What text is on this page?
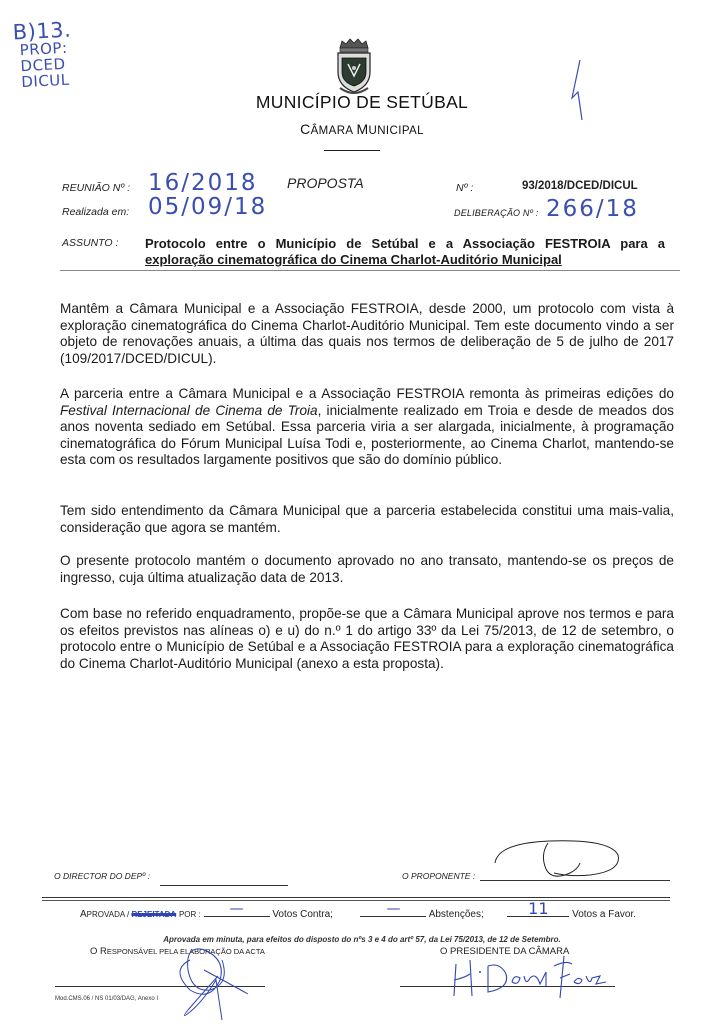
B)13.
PROP:
DCED
DICUL
MUNICÍPIO DE SETÚBAL
CÂMARA MUNICIPAL
REUNIÃO Nº : 16/2018 PROPOSTA	Nº :	93/2018/DCED/DICUL
Realizada em: 05/09/18	DELIBERAÇÃO Nº : 266/18
ASSUNTO : Protocolo entre o Município de Setúbal e a Associação FESTROIA para a
exploração cinematográfica do Cinema Charlot-Auditório Municipal

Mantêm a Câmara Municipal e a Associação FESTROIA, desde 2000, um protocolo com vista à exploração cinematográfica do Cinema Charlot-Auditório Municipal. Tem este documento vindo a ser objeto de renovações anuais, a última das quais nos termos de deliberação de 5 de julho de 2017 (109/2017/DCED/DICUL).

A parceria entre a Câmara Municipal e a Associação FESTROIA remonta às primeiras edições do Festival Internacional de Cinema de Troia, inicialmente realizado em Troia e desde de meados dos anos noventa sediado em Setúbal. Essa parceria viria a ser alargada, inicialmente, à programação cinematográfica do Fórum Municipal Luísa Todi e, posteriormente, ao Cinema Charlot, mantendo-se esta com os resultados largamente positivos que são do domínio público.

Tem sido entendimento da Câmara Municipal que a parceria estabelecida constitui uma mais-valia, consideração que agora se mantém.

O presente protocolo mantém o documento aprovado no ano transato, mantendo-se os preços de ingresso, cuja última atualização data de 2013.

Com base no referido enquadramento, propõe-se que a Câmara Municipal aprove nos termos e para os efeitos previstos nas alíneas o) e u) do n.º 1 do artigo 33º da Lei 75/2013, de 12 de setembro, o protocolo entre o Município de Setúbal e a Associação FESTROIA para a exploração cinematográfica do Cinema Charlot-Auditório Municipal (anexo a esta proposta).

O DIRECTOR DO DEPº :	O PROPONENTE :
APROVADA / REJEITADA POR : —	Votos Contra;	—	Abstenções;	11 Votos a Favor.
Aprovada em minuta, para efeitos do disposto do nºs 3 e 4 do artº 57, da Lei 75/2013, de 12 de Setembro.
O RESPONSÁVEL PELA ELABORAÇÃO DA ACTA	O PRESIDENTE DA CÂMARA
Mod.CMS.06 / NS 01/03/DAG, Anexo I
